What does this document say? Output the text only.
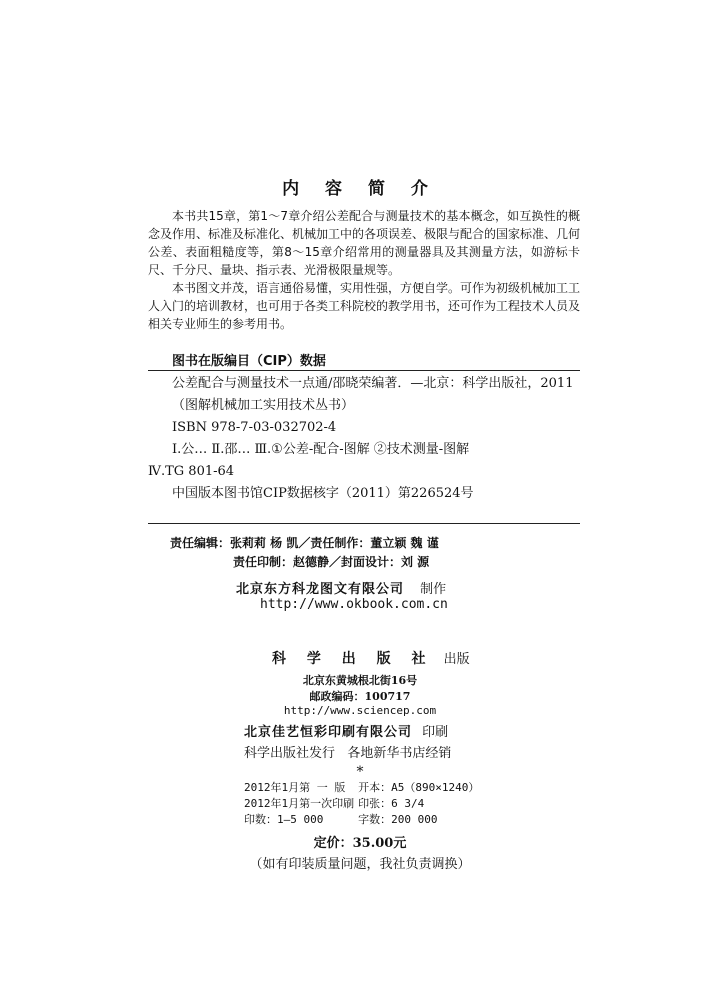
内 容 简 介

本书共15章，第1～7章介绍公差配合与测量技术的基本概念，如互换性的概念及作用、标准及标准化、机械加工中的各项误差、极限与配合的国家标准、几何公差、表面粗糙度等，第8～15章介绍常用的测量器具及其测量方法，如游标卡尺、千分尺、量块、指示表、光滑极限量规等。

本书图文并茂，语言通俗易懂，实用性强，方便自学。可作为初级机械加工工人入门的培训教材，也可用于各类工科院校的教学用书，还可作为工程技术人员及相关专业师生的参考用书。

图书在版编目（CIP）数据

公差配合与测量技术一点通/邵晓荣编著．—北京：科学出版社，2011

（图解机械加工实用技术丛书）

ISBN 978-7-03-032702-4

Ⅰ.公… Ⅱ.邵… Ⅲ.①公差-配合-图解 ②技术测量-图解

Ⅳ.TG 801-64

中国版本图书馆CIP数据核字（2011）第226524号

责任编辑：张莉莉 杨 凯／责任制作：董立颖 魏 谨
责任印制：赵德静／封面设计：刘 源
北京东方科龙图文有限公司 制作
http://www.okbook.com.cn
科 学 出 版 社 出版
北京东黄城根北街16号
邮政编码：100717
http://www.sciencep.com
北京佳艺恒彩印刷有限公司 印刷
科学出版社发行   各地新华书店经销
*
2012年1月第 一 版	开本：A5（890×1240）
2012年1月第一次印刷	印张：6 3/4
印数：1—5 000	字数：200 000
定价：35.00元
（如有印装质量问题，我社负责调换）
